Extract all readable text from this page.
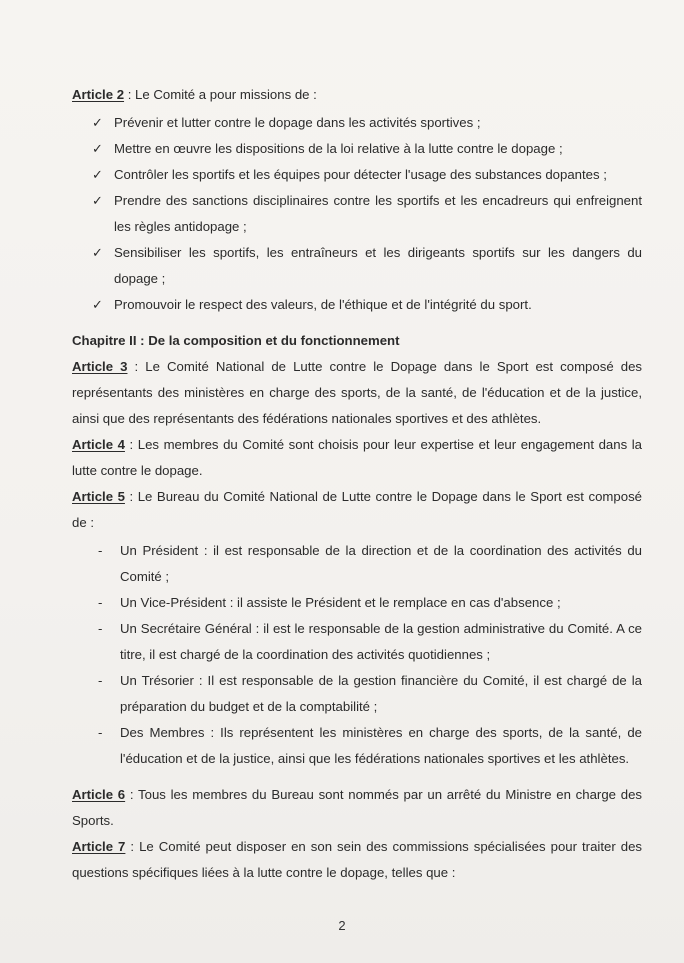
Article 2 : Le Comité a pour missions de :

✓ Prévenir et lutter contre le dopage dans les activités sportives ;
✓ Mettre en œuvre les dispositions de la loi relative à la lutte contre le dopage ;
✓ Contrôler les sportifs et les équipes pour détecter l'usage des substances dopantes ;
✓ Prendre des sanctions disciplinaires contre les sportifs et les encadreurs qui enfreignent les règles antidopage ;
✓ Sensibiliser les sportifs, les entraîneurs et les dirigeants sportifs sur les dangers du dopage ;
✓ Promouvoir le respect des valeurs, de l'éthique et de l'intégrité du sport.

Chapitre II : De la composition et du fonctionnement

Article 3 : Le Comité National de Lutte contre le Dopage dans le Sport est composé des représentants des ministères en charge des sports, de la santé, de l'éducation et de la justice, ainsi que des représentants des fédérations nationales sportives et des athlètes.

Article 4 : Les membres du Comité sont choisis pour leur expertise et leur engagement dans la lutte contre le dopage.

Article 5 : Le Bureau du Comité National de Lutte contre le Dopage dans le Sport est composé de :

-	Un Président : il est responsable de la direction et de la coordination des activités du Comité ;
-	Un Vice-Président : il assiste le Président et le remplace en cas d'absence ;
-	Un Secrétaire Général : il est le responsable de la gestion administrative du Comité. A ce titre, il est chargé de la coordination des activités quotidiennes ;
-	Un Trésorier : Il est responsable de la gestion financière du Comité, il est chargé de la préparation du budget et de la comptabilité ;
-	Des Membres : Ils représentent les ministères en charge des sports, de la santé, de l'éducation et de la justice, ainsi que les fédérations nationales sportives et les athlètes.

Article 6 : Tous les membres du Bureau sont nommés par un arrêté du Ministre en charge des Sports.

Article 7 : Le Comité peut disposer en son sein des commissions spécialisées pour traiter des questions spécifiques liées à la lutte contre le dopage, telles que :

2
